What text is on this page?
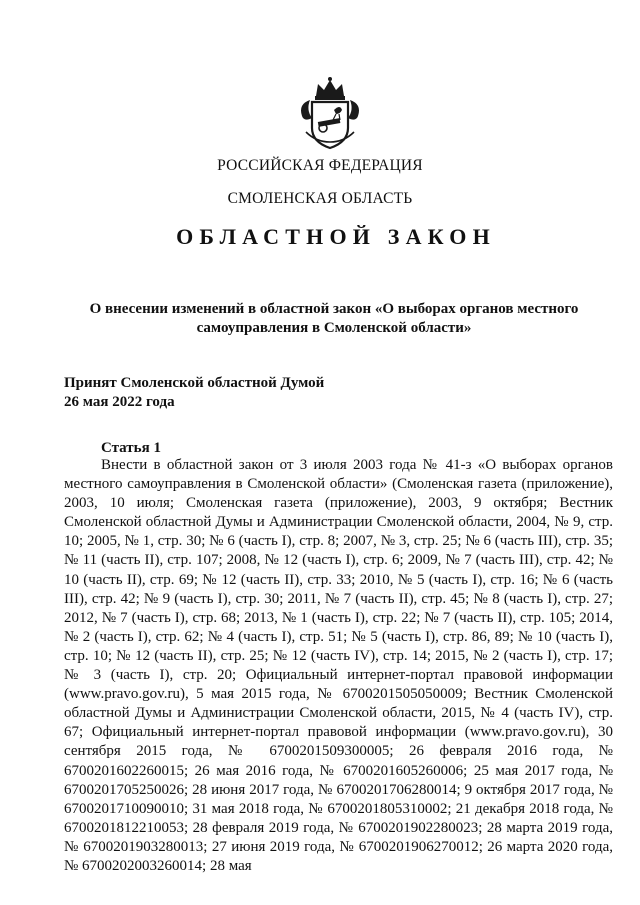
РОССИЙСКАЯ ФЕДЕРАЦИЯ
СМОЛЕНСКАЯ ОБЛАСТЬ
ОБЛАСТНОЙ ЗАКОН
О внесении изменений в областной закон «О выборах органов местного
самоуправления в Смоленской области»
Принят Смоленской областной Думой
26 мая 2022 года
Статья 1

Внести в областной закон от 3 июля 2003 года № 41-з «О выборах органов местного самоуправления в Смоленской области» (Смоленская газета (приложение), 2003, 10 июля; Смоленская газета (приложение), 2003, 9 октября; Вестник Смоленской областной Думы и Администрации Смоленской области, 2004, № 9, стр. 10; 2005, № 1, стр. 30; № 6 (часть I), стр. 8; 2007, № 3, стр. 25; № 6 (часть III), стр. 35; № 11 (часть II), стр. 107; 2008, № 12 (часть I), стр. 6; 2009, № 7 (часть III), стр. 42; № 10 (часть II), стр. 69; № 12 (часть II), стр. 33; 2010, № 5 (часть I), стр. 16; № 6 (часть III), стр. 42; № 9 (часть I), стр. 30; 2011, № 7 (часть II), стр. 45; № 8 (часть I), стр. 27; 2012, № 7 (часть I), стр. 68; 2013, № 1 (часть I), стр. 22; № 7 (часть II), стр. 105; 2014, № 2 (часть I), стр. 62; № 4 (часть I), стр. 51; № 5 (часть I), стр. 86, 89; № 10 (часть I), стр. 10; № 12 (часть II), стр. 25; № 12 (часть IV), стр. 14; 2015, № 2 (часть I), стр. 17; № 3 (часть I), стр. 20; Официальный интернет-портал правовой информации (www.pravo.gov.ru), 5 мая 2015 года, № 6700201505050009; Вестник Смоленской областной Думы и Администрации Смоленской области, 2015, № 4 (часть IV), стр. 67; Официальный интернет-портал правовой информации (www.pravo.gov.ru), 30 сентября 2015 года, № 6700201509300005; 26 февраля 2016 года, № 6700201602260015; 26 мая 2016 года, № 6700201605260006; 25 мая 2017 года, № 6700201705250026; 28 июня 2017 года, № 6700201706280014; 9 октября 2017 года, № 6700201710090010; 31 мая 2018 года, № 6700201805310002; 21 декабря 2018 года, № 6700201812210053; 28 февраля 2019 года, № 6700201902280023; 28 марта 2019 года, № 6700201903280013; 27 июня 2019 года, № 6700201906270012; 26 марта 2020 года, № 6700202003260014; 28 мая
